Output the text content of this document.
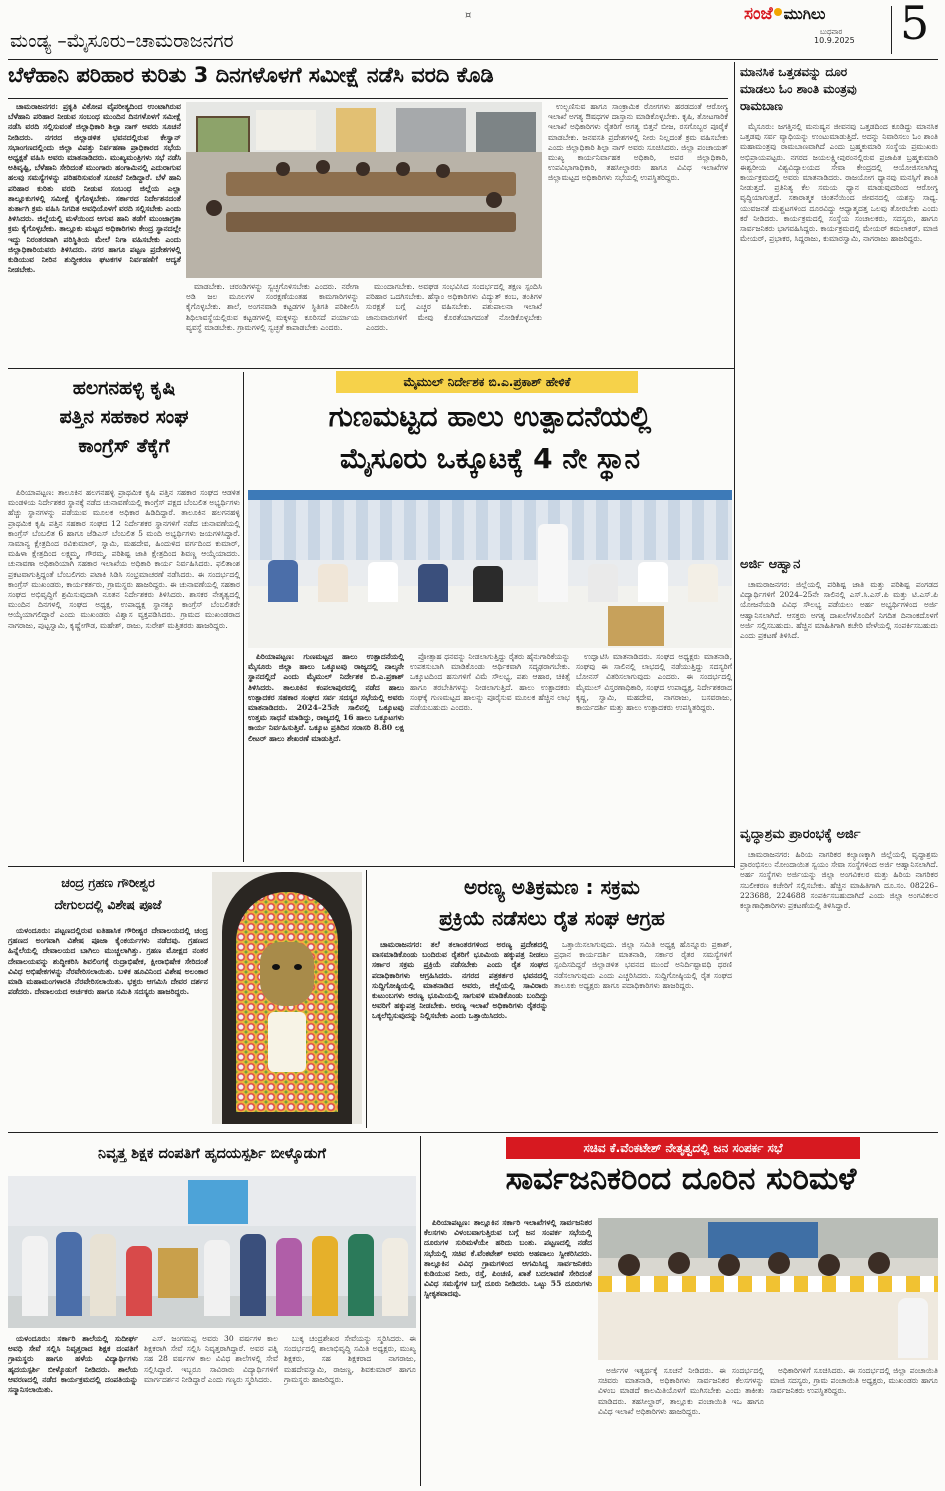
¤	ಸಂಜೆ ಮುಗಿಲು
ಬುಧವಾರ
10.9.2025 5
ಮಂಡ್ಯ –ಮೈಸೂರು–ಚಾಮರಾಜನಗರ
ಬೆಳೆಹಾನಿ ಪರಿಹಾರ ಕುರಿತು 3 ದಿನಗಳೊಳಗೆ ಸಮೀಕ್ಷೆ ನಡೆಸಿ ವರದಿ ಕೊಡಿ

ಚಾಮರಾಜನಗರ: ಪ್ರಕೃತಿ ವಿಕೋಪ ವೈಪರೀತ್ಯದಿಂದ ಉಂಟಾಗಿರುವ ಬೆಳೆಹಾನಿ ಪರಿಹಾರ ನೀಡುವ ಸಂಬಂಧ ಮುಂದಿನ ದಿನಗಳೊಳಗೆ ಸಮೀಕ್ಷೆ ನಡೆಸಿ ವರದಿ ಸಲ್ಲಿಸುವಂತೆ ಜಿಲ್ಲಾಧಿಕಾರಿ ಶಿಲ್ಪಾ ನಾಗ್ ಅವರು ಸೂಚನೆ ನೀಡಿದರು. ನಗರದ ಜಿಲ್ಲಾಡಳಿತ ಭವನದಲ್ಲಿರುವ ಕೇಸ್ವಾನ್ ಸಭಾಂಗಣದಲ್ಲಿಂದು ಜಿಲ್ಲಾ ವಿಪತ್ತು ನಿರ್ವಹಣಾ ಪ್ರಾಧಿಕಾರದ ಸಭೆಯ ಅಧ್ಯಕ್ಷತೆ ವಹಿಸಿ ಅವರು ಮಾತನಾಡಿದರು. ಮುಖ್ಯಮಂತ್ರಿಗಳು ಸಭೆ ನಡೆಸಿ ಅತಿವೃಷ್ಟಿ, ಬೆಳೆಹಾನಿ ಸೇರಿದಂತೆ ಮುಂಗಾರು ಹಂಗಾಮಿನಲ್ಲಿ ಎದುರಾಗುವ ಹಲವು ಸಮಸ್ಯೆಗಳನ್ನು ಪರಿಹರಿಸುವಂತೆ ಸೂಚನೆ ನೀಡಿದ್ದಾರೆ. ಬೆಳೆ ಹಾನಿ ಪರಿಹಾರ ಕುರಿತು ವರದಿ ನೀಡುವ ಸಂಬಂಧ ಜಿಲ್ಲೆಯ ಎಲ್ಲಾ ತಾಲ್ಲೂಕುಗಳಲ್ಲಿ ಸಮೀಕ್ಷೆ ಕೈಗೊಳ್ಳಬೇಕು. ಸರ್ಕಾರದ ನಿರ್ದೇಶನದಂತೆ ತುರ್ತಾಗಿ ಕ್ರಮ ವಹಿಸಿ ನಿಗದಿತ ಅವಧಿಯೊಳಗೆ ವರದಿ ಸಲ್ಲಿಸಬೇಕು ಎಂದು ತಿಳಿಸಿದರು. ಜಿಲ್ಲೆಯಲ್ಲಿ ಮಳೆಯಿಂದ ಆಗುವ ಹಾನಿ ತಡೆಗೆ ಮುಂಜಾಗ್ರತಾ ಕ್ರಮ ಕೈಗೊಳ್ಳಬೇಕು. ತಾಲ್ಲೂಕು ಮಟ್ಟದ ಅಧಿಕಾರಿಗಳು ಕೇಂದ್ರ ಸ್ಥಾನದಲ್ಲೇ ಇದ್ದು ನಿರಂತರವಾಗಿ ಪರಿಸ್ಥಿತಿಯ ಮೇಲೆ ನಿಗಾ ವಹಿಸಬೇಕು ಎಂದು ಜಿಲ್ಲಾಧಿಕಾರಿಯವರು ತಿಳಿಸಿದರು. ನಗರ ಹಾಗೂ ಪಟ್ಟಣ ಪ್ರದೇಶಗಳಲ್ಲಿ ಕುಡಿಯುವ ನೀರಿನ ಶುದ್ಧೀಕರಣ ಘಟಕಗಳ ನಿರ್ವಹಣೆಗೆ ಆದ್ಯತೆ ನೀಡಬೇಕು.

ಮಾಡಬೇಕು. ಚರಂಡಿಗಳನ್ನು ಸ್ವಚ್ಛಗೊಳಿಸಬೇಕು ಎಂದರು. ನರೇಗಾ ಅಡಿ ಜಲ ಮೂಲಗಳ ಸಂರಕ್ಷಣೆಯಂತಹ ಕಾಮಗಾರಿಗಳನ್ನು ಕೈಗೊಳ್ಳಬೇಕು. ಶಾಲೆ, ಅಂಗನವಾಡಿ ಕಟ್ಟಡಗಳ ಸ್ಥಿತಿಗತಿ ಪರಿಶೀಲಿಸಿ ಶಿಥಿಲಾವಸ್ಥೆಯಲ್ಲಿರುವ ಕಟ್ಟಡಗಳಲ್ಲಿ ಮಕ್ಕಳನ್ನು ಕೂರಿಸದೆ ಪರ್ಯಾಯ ವ್ಯವಸ್ಥೆ ಮಾಡಬೇಕು. ಗ್ರಾಮಗಳಲ್ಲಿ ಸ್ವಚ್ಛತೆ ಕಾಪಾಡಬೇಕು ಎಂದರು.

ಮುಂದಾಗಬೇಕು. ಅವಘಡ ಸಂಭವಿಸಿದ ಸಂದರ್ಭದಲ್ಲಿ ತಕ್ಷಣ ಸ್ಪಂದಿಸಿ ಪರಿಹಾರ ಒದಗಿಸಬೇಕು. ಹೆಸ್ಕಾಂ ಅಧಿಕಾರಿಗಳು ವಿದ್ಯುತ್ ಕಂಬ, ತಂತಿಗಳ ಸುರಕ್ಷತೆ ಬಗ್ಗೆ ಎಚ್ಚರ ವಹಿಸಬೇಕು. ಪಶುಪಾಲನಾ ಇಲಾಖೆ ಜಾನುವಾರುಗಳಿಗೆ ಮೇವು ಕೊರತೆಯಾಗದಂತೆ ನೋಡಿಕೊಳ್ಳಬೇಕು ಎಂದರು.

ಉಲ್ಬಣಿಸುವ ಹಾಗೂ ಸಾಂಕ್ರಾಮಿಕ ರೋಗಗಳು ಹರಡದಂತೆ ಆರೋಗ್ಯ ಇಲಾಖೆ ಅಗತ್ಯ ಔಷಧಗಳ ದಾಸ್ತಾನು ಮಾಡಿಕೊಳ್ಳಬೇಕು. ಕೃಷಿ, ತೋಟಗಾರಿಕೆ ಇಲಾಖೆ ಅಧಿಕಾರಿಗಳು ರೈತರಿಗೆ ಅಗತ್ಯ ಬಿತ್ತನೆ ಬೀಜ, ರಸಗೊಬ್ಬರ ಪೂರೈಕೆ ಮಾಡಬೇಕು. ಜನವಸತಿ ಪ್ರದೇಶಗಳಲ್ಲಿ ನೀರು ನಿಲ್ಲದಂತೆ ಕ್ರಮ ವಹಿಸಬೇಕು ಎಂದು ಜಿಲ್ಲಾಧಿಕಾರಿ ಶಿಲ್ಪಾ ನಾಗ್ ಅವರು ಸೂಚಿಸಿದರು. ಜಿಲ್ಲಾ ಪಂಚಾಯತ್ ಮುಖ್ಯ ಕಾರ್ಯನಿರ್ವಾಹಕ ಅಧಿಕಾರಿ, ಅಪರ ಜಿಲ್ಲಾಧಿಕಾರಿ, ಉಪವಿಭಾಗಾಧಿಕಾರಿ, ತಹಸೀಲ್ದಾರರು ಹಾಗೂ ವಿವಿಧ ಇಲಾಖೆಗಳ ಜಿಲ್ಲಾಮಟ್ಟದ ಅಧಿಕಾರಿಗಳು ಸಭೆಯಲ್ಲಿ ಉಪಸ್ಥಿತರಿದ್ದರು.

ಮಾನಸಿಕ ಒತ್ತಡವನ್ನು ದೂರ
ಮಾಡಲು ಓಂ ಶಾಂತಿ ಮಂತ್ರವು
ರಾಮಬಾಣ

ಮೈಸೂರು: ಜಗತ್ತಿನಲ್ಲಿ ಮನುಷ್ಯನ ಜೀವನವು ಒತ್ತಡದಿಂದ ಕೂಡಿದ್ದು ಮಾನಸಿಕ ಒತ್ತಡವು ಸರ್ವ ವ್ಯಾಧಿಯನ್ನು ಉಂಟುಮಾಡುತ್ತಿದೆ. ಅದನ್ನು ನಿವಾರಿಸಲು ಓಂ ಶಾಂತಿ ಮಹಾಮಂತ್ರವು ರಾಮಬಾಣವಾಗಿದೆ ಎಂದು ಬ್ರಹ್ಮಕುಮಾರಿ ಸಂಸ್ಥೆಯ ಪ್ರಮುಖರು ಅಭಿಪ್ರಾಯಪಟ್ಟರು. ನಗರದ ಜಯಲಕ್ಷ್ಮೀಪುರಂನಲ್ಲಿರುವ ಪ್ರಜಾಪಿತ ಬ್ರಹ್ಮಕುಮಾರಿ ಈಶ್ವರೀಯ ವಿಶ್ವವಿದ್ಯಾಲಯದ ಸೇವಾ ಕೇಂದ್ರದಲ್ಲಿ ಆಯೋಜಿಸಲಾಗಿದ್ದ ಕಾರ್ಯಕ್ರಮದಲ್ಲಿ ಅವರು ಮಾತನಾಡಿದರು. ರಾಜಯೋಗ ಧ್ಯಾನವು ಮನಸ್ಸಿಗೆ ಶಾಂತಿ ನೀಡುತ್ತದೆ. ಪ್ರತಿನಿತ್ಯ ಕೆಲ ಸಮಯ ಧ್ಯಾನ ಮಾಡುವುದರಿಂದ ಆರೋಗ್ಯ ವೃದ್ಧಿಯಾಗುತ್ತದೆ. ಸಕಾರಾತ್ಮಕ ಚಿಂತನೆಯಿಂದ ಜೀವನದಲ್ಲಿ ಯಶಸ್ಸು ಸಾಧ್ಯ. ಯುವಜನತೆ ದುಶ್ಚಟಗಳಿಂದ ದೂರವಿದ್ದು ಆಧ್ಯಾತ್ಮದತ್ತ ಒಲವು ತೋರಬೇಕು ಎಂದು ಕರೆ ನೀಡಿದರು. ಕಾರ್ಯಕ್ರಮದಲ್ಲಿ ಸಂಸ್ಥೆಯ ಸಂಚಾಲಕರು, ಸದಸ್ಯರು, ಹಾಗೂ ಸಾರ್ವಜನಿಕರು ಭಾಗವಹಿಸಿದ್ದರು. ಕಾರ್ಯಕ್ರಮದಲ್ಲಿ ಮೇಯರ್ ಕಮಲಾಕರ್, ಮಾಜಿ ಮೇಯರ್, ಪ್ರಭಾಕರ, ಸಿದ್ದರಾಜು, ಕುಮಾರಸ್ವಾಮಿ, ನಾಗರಾಜು ಹಾಜರಿದ್ದರು.

ಅರ್ಜಿ ಆಹ್ವಾನ

ಚಾಮರಾಜನಗರ: ಜಿಲ್ಲೆಯಲ್ಲಿ ಪರಿಶಿಷ್ಟ ಜಾತಿ ಮತ್ತು ಪರಿಶಿಷ್ಟ ಪಂಗಡದ ವಿದ್ಯಾರ್ಥಿಗಳಿಗೆ 2024–25ನೇ ಸಾಲಿನಲ್ಲಿ ಎಸ್.ಸಿ.ಎಸ್.ಪಿ ಮತ್ತು ಟಿ.ಎಸ್.ಪಿ ಯೋಜನೆಯಡಿ ವಿವಿಧ ಸೌಲಭ್ಯ ಪಡೆಯಲು ಅರ್ಹ ಅಭ್ಯರ್ಥಿಗಳಿಂದ ಅರ್ಜಿ ಆಹ್ವಾನಿಸಲಾಗಿದೆ. ಆಸಕ್ತರು ಅಗತ್ಯ ದಾಖಲೆಗಳೊಂದಿಗೆ ನಿಗದಿತ ದಿನಾಂಕದೊಳಗೆ ಅರ್ಜಿ ಸಲ್ಲಿಸಬಹುದು. ಹೆಚ್ಚಿನ ಮಾಹಿತಿಗಾಗಿ ಕಚೇರಿ ವೇಳೆಯಲ್ಲಿ ಸಂಪರ್ಕಿಸಬಹುದು ಎಂದು ಪ್ರಕಟಣೆ ತಿಳಿಸಿದೆ.

ವೃದ್ಧಾಶ್ರಮ ಪ್ರಾರಂಭಕ್ಕೆ ಅರ್ಜಿ

ಚಾಮರಾಜನಗರ: ಹಿರಿಯ ನಾಗರಿಕರ ಕಲ್ಯಾಣಕ್ಕಾಗಿ ಜಿಲ್ಲೆಯಲ್ಲಿ ವೃದ್ಧಾಶ್ರಮ ಪ್ರಾರಂಭಿಸಲು ನೋಂದಾಯಿತ ಸ್ವಯಂ ಸೇವಾ ಸಂಸ್ಥೆಗಳಿಂದ ಅರ್ಜಿ ಆಹ್ವಾನಿಸಲಾಗಿದೆ. ಅರ್ಹ ಸಂಸ್ಥೆಗಳು ಅರ್ಜಿಯನ್ನು ಜಿಲ್ಲಾ ಅಂಗವಿಕಲರ ಮತ್ತು ಹಿರಿಯ ನಾಗರಿಕರ ಸಬಲೀಕರಣ ಕಚೇರಿಗೆ ಸಲ್ಲಿಸಬೇಕು. ಹೆಚ್ಚಿನ ಮಾಹಿತಿಗಾಗಿ ದೂ.ಸಂ. 08226–223688, 224688 ಸಂಪರ್ಕಿಸಬಹುದಾಗಿದೆ ಎಂದು ಜಿಲ್ಲಾ ಅಂಗವಿಕಲರ ಕಲ್ಯಾಣಾಧಿಕಾರಿಗಳು ಪ್ರಕಟಣೆಯಲ್ಲಿ ತಿಳಿಸಿದ್ದಾರೆ.

ಹಲಗನಹಳ್ಳಿ ಕೃಷಿ
ಪತ್ತಿನ ಸಹಕಾರ ಸಂಘ
ಕಾಂಗ್ರೆಸ್ ತೆಕ್ಕೆಗೆ

ಪಿರಿಯಾಪಟ್ಟಣ: ತಾಲೂಕಿನ ಹಲಗನಹಳ್ಳಿ ಪ್ರಾಥಮಿಕ ಕೃಷಿ ಪತ್ತಿನ ಸಹಕಾರ ಸಂಘದ ಆಡಳಿತ ಮಂಡಳಿಯ ನಿರ್ದೇಶಕರ ಸ್ಥಾನಕ್ಕೆ ನಡೆದ ಚುನಾವಣೆಯಲ್ಲಿ ಕಾಂಗ್ರೆಸ್ ಪಕ್ಷದ ಬೆಂಬಲಿತ ಅಭ್ಯರ್ಥಿಗಳು ಹೆಚ್ಚು ಸ್ಥಾನಗಳನ್ನು ಪಡೆಯುವ ಮೂಲಕ ಅಧಿಕಾರ ಹಿಡಿದಿದ್ದಾರೆ. ತಾಲೂಕಿನ ಹಲಗನಹಳ್ಳಿ ಪ್ರಾಥಮಿಕ ಕೃಷಿ ಪತ್ತಿನ ಸಹಕಾರ ಸಂಘದ 12 ನಿರ್ದೇಶಕರ ಸ್ಥಾನಗಳಿಗೆ ನಡೆದ ಚುನಾವಣೆಯಲ್ಲಿ ಕಾಂಗ್ರೆಸ್ ಬೆಂಬಲಿತ 6 ಹಾಗೂ ಜೆಡಿಎಸ್ ಬೆಂಬಲಿತ 5 ಮಂದಿ ಅಭ್ಯರ್ಥಿಗಳು ಜಯಗಳಿಸಿದ್ದಾರೆ. ಸಾಮಾನ್ಯ ಕ್ಷೇತ್ರದಿಂದ ರವಿಕುಮಾರ್, ಸ್ವಾಮಿ, ಮಹದೇವ, ಹಿಂದುಳಿದ ವರ್ಗದಿಂದ ಕುಮಾರ್, ಮಹಿಳಾ ಕ್ಷೇತ್ರದಿಂದ ಲಕ್ಷ್ಮಮ್ಮ, ಗೌರಮ್ಮ, ಪರಿಶಿಷ್ಟ ಜಾತಿ ಕ್ಷೇತ್ರದಿಂದ ಶಿವಣ್ಣ ಆಯ್ಕೆಯಾದರು. ಚುನಾವಣಾ ಅಧಿಕಾರಿಯಾಗಿ ಸಹಕಾರ ಇಲಾಖೆಯ ಅಧಿಕಾರಿ ಕಾರ್ಯ ನಿರ್ವಹಿಸಿದರು. ಫಲಿತಾಂಶ ಪ್ರಕಟವಾಗುತ್ತಿದ್ದಂತೆ ಬೆಂಬಲಿಗರು ಪಟಾಕಿ ಸಿಡಿಸಿ ಸಂಭ್ರಮಾಚರಣೆ ನಡೆಸಿದರು. ಈ ಸಂದರ್ಭದಲ್ಲಿ ಕಾಂಗ್ರೆಸ್ ಮುಖಂಡರು, ಕಾರ್ಯಕರ್ತರು, ಗ್ರಾಮಸ್ಥರು ಹಾಜರಿದ್ದರು. ಈ ಚುನಾವಣೆಯಲ್ಲಿ ಸಹಕಾರ ಸಂಘದ ಅಭಿವೃದ್ಧಿಗೆ ಶ್ರಮಿಸುವುದಾಗಿ ನೂತನ ನಿರ್ದೇಶಕರು ತಿಳಿಸಿದರು. ಶಾಸಕರ ನೇತೃತ್ವದಲ್ಲಿ ಮುಂದಿನ ದಿನಗಳಲ್ಲಿ ಸಂಘದ ಅಧ್ಯಕ್ಷ, ಉಪಾಧ್ಯಕ್ಷ ಸ್ಥಾನಕ್ಕೂ ಕಾಂಗ್ರೆಸ್ ಬೆಂಬಲಿತರೇ ಆಯ್ಕೆಯಾಗಲಿದ್ದಾರೆ ಎಂದು ಮುಖಂಡರು ವಿಶ್ವಾಸ ವ್ಯಕ್ತಪಡಿಸಿದರು. ಗ್ರಾಮದ ಮುಖಂಡರಾದ ನಾಗರಾಜು, ಪುಟ್ಟಸ್ವಾಮಿ, ಕೃಷ್ಣೇಗೌಡ, ಮಹೇಶ್, ರಾಜು, ಸುರೇಶ್ ಮತ್ತಿತರರು ಹಾಜರಿದ್ದರು.

ಮೈಮುಲ್ ನಿರ್ದೇಶಕ ಬಿ.ಎ.ಪ್ರಕಾಶ್ ಹೇಳಿಕೆ
ಗುಣಮಟ್ಟದ ಹಾಲು ಉತ್ಪಾದನೆಯಲ್ಲಿ
ಮೈಸೂರು ಒಕ್ಕೂಟಕ್ಕೆ 4 ನೇ ಸ್ಥಾನ

ಪಿರಿಯಾಪಟ್ಟಣ: ಗುಣಮಟ್ಟದ ಹಾಲು ಉತ್ಪಾದನೆಯಲ್ಲಿ ಮೈಸೂರು ಜಿಲ್ಲಾ ಹಾಲು ಒಕ್ಕೂಟವು ರಾಜ್ಯದಲ್ಲಿ ನಾಲ್ಕನೇ ಸ್ಥಾನದಲ್ಲಿದೆ ಎಂದು ಮೈಮುಲ್ ನಿರ್ದೇಶಕ ಬಿ.ಎ.ಪ್ರಕಾಶ್ ತಿಳಿಸಿದರು. ತಾಲೂಕಿನ ಕಂಪಲಾಪುರದಲ್ಲಿ ನಡೆದ ಹಾಲು ಉತ್ಪಾದಕರ ಸಹಕಾರ ಸಂಘದ ಸರ್ವ ಸದಸ್ಯರ ಸಭೆಯಲ್ಲಿ ಅವರು ಮಾತನಾಡಿದರು. 2024–25ನೇ ಸಾಲಿನಲ್ಲಿ ಒಕ್ಕೂಟವು ಉತ್ತಮ ಸಾಧನೆ ಮಾಡಿದ್ದು, ರಾಜ್ಯದಲ್ಲಿ 16 ಹಾಲು ಒಕ್ಕೂಟಗಳು ಕಾರ್ಯ ನಿರ್ವಹಿಸುತ್ತಿವೆ. ಒಕ್ಕೂಟ ಪ್ರತಿದಿನ ಸರಾಸರಿ 8.80 ಲಕ್ಷ ಲೀಟರ್ ಹಾಲು ಶೇಖರಣೆ ಮಾಡುತ್ತಿದೆ.

ಪ್ರೋತ್ಸಾಹ ಧನವನ್ನು ನೀಡಲಾಗುತ್ತಿದ್ದು ರೈತರು ಹೈನುಗಾರಿಕೆಯನ್ನು ಉಪಕಸುಬಾಗಿ ಮಾಡಿಕೊಂಡು ಆರ್ಥಿಕವಾಗಿ ಸದೃಢರಾಗಬೇಕು. ಒಕ್ಕೂಟದಿಂದ ಹಸುಗಳಿಗೆ ವಿಮೆ ಸೌಲಭ್ಯ, ಪಶು ಆಹಾರ, ಚಿಕಿತ್ಸೆ ಹಾಗೂ ತರಬೇತಿಗಳನ್ನು ನೀಡಲಾಗುತ್ತಿದೆ. ಹಾಲು ಉತ್ಪಾದಕರು ಸಂಘಕ್ಕೆ ಗುಣಮಟ್ಟದ ಹಾಲನ್ನು ಪೂರೈಸುವ ಮೂಲಕ ಹೆಚ್ಚಿನ ಲಾಭ ಪಡೆಯಬಹುದು ಎಂದರು.

ಉದ್ಘಾಟಿಸಿ ಮಾತನಾಡಿದರು. ಸಂಘದ ಅಧ್ಯಕ್ಷರು ಮಾತನಾಡಿ, ಸಂಘವು ಈ ಸಾಲಿನಲ್ಲಿ ಲಾಭದಲ್ಲಿ ನಡೆಯುತ್ತಿದ್ದು ಸದಸ್ಯರಿಗೆ ಬೋನಸ್ ವಿತರಿಸಲಾಗುವುದು ಎಂದರು. ಈ ಸಂದರ್ಭದಲ್ಲಿ ಮೈಮುಲ್ ವಿಸ್ತರಣಾಧಿಕಾರಿ, ಸಂಘದ ಉಪಾಧ್ಯಕ್ಷ, ನಿರ್ದೇಶಕರಾದ ಕೃಷ್ಣ, ಸ್ವಾಮಿ, ಮಹದೇವ, ನಾಗರಾಜು, ಬಸವರಾಜು, ಕಾರ್ಯದರ್ಶಿ ಮತ್ತು ಹಾಲು ಉತ್ಪಾದಕರು ಉಪಸ್ಥಿತರಿದ್ದರು.

ಚಂದ್ರ ಗ್ರಹಣ ಗೌರೀಶ್ವರ
ದೇಗುಲದಲ್ಲಿ ವಿಶೇಷ ಪೂಜೆ

ಯಳಂದೂರು: ಪಟ್ಟಣದಲ್ಲಿರುವ ಐತಿಹಾಸಿಕ ಗೌರೀಶ್ವರ ದೇವಾಲಯದಲ್ಲಿ ಚಂದ್ರ ಗ್ರಹಣದ ಅಂಗವಾಗಿ ವಿಶೇಷ ಪೂಜಾ ಕೈಂಕರ್ಯಗಳು ನಡೆದವು. ಗ್ರಹಣದ ಹಿನ್ನೆಲೆಯಲ್ಲಿ ದೇವಾಲಯದ ಬಾಗಿಲು ಮುಚ್ಚಲಾಗಿತ್ತು. ಗ್ರಹಣ ಮೋಕ್ಷದ ನಂತರ ದೇವಾಲಯವನ್ನು ಶುದ್ಧೀಕರಿಸಿ ಶಿವಲಿಂಗಕ್ಕೆ ರುದ್ರಾಭಿಷೇಕ, ಕ್ಷೀರಾಭಿಷೇಕ ಸೇರಿದಂತೆ ವಿವಿಧ ಅಭಿಷೇಕಗಳನ್ನು ನೆರವೇರಿಸಲಾಯಿತು. ಬಳಿಕ ಹೂವಿನಿಂದ ವಿಶೇಷ ಅಲಂಕಾರ ಮಾಡಿ ಮಹಾಮಂಗಳಾರತಿ ನೆರವೇರಿಸಲಾಯಿತು. ಭಕ್ತರು ಆಗಮಿಸಿ ದೇವರ ದರ್ಶನ ಪಡೆದರು. ದೇವಾಲಯದ ಅರ್ಚಕರು ಹಾಗೂ ಸಮಿತಿ ಸದಸ್ಯರು ಹಾಜರಿದ್ದರು.

ಅರಣ್ಯ ಅತಿಕ್ರಮಣ : ಸಕ್ರಮ
ಪ್ರಕ್ರಿಯೆ ನಡೆಸಲು ರೈತ ಸಂಘ ಆಗ್ರಹ

ಚಾಮರಾಜನಗರ: ತಲೆ ತಲಾಂತರಗಳಿಂದ ಅರಣ್ಯ ಪ್ರದೇಶದಲ್ಲಿ ವಾಸಮಾಡಿಕೊಂಡು ಬಂದಿರುವ ರೈತರಿಗೆ ಭೂಮಿಯ ಹಕ್ಕುಪತ್ರ ನೀಡಲು ಸರ್ಕಾರ ಸಕ್ರಮ ಪ್ರಕ್ರಿಯೆ ನಡೆಸಬೇಕು ಎಂದು ರೈತ ಸಂಘದ ಪದಾಧಿಕಾರಿಗಳು ಆಗ್ರಹಿಸಿದರು. ನಗರದ ಪತ್ರಕರ್ತರ ಭವನದಲ್ಲಿ ಸುದ್ದಿಗೋಷ್ಠಿಯಲ್ಲಿ ಮಾತನಾಡಿದ ಅವರು, ಜಿಲ್ಲೆಯಲ್ಲಿ ಸಾವಿರಾರು ಕುಟುಂಬಗಳು ಅರಣ್ಯ ಭೂಮಿಯಲ್ಲಿ ಸಾಗುವಳಿ ಮಾಡಿಕೊಂಡು ಬಂದಿದ್ದು ಅವರಿಗೆ ಹಕ್ಕುಪತ್ರ ನೀಡಬೇಕು. ಅರಣ್ಯ ಇಲಾಖೆ ಅಧಿಕಾರಿಗಳು ರೈತರನ್ನು ಒಕ್ಕಲೆಬ್ಬಿಸುವುದನ್ನು ನಿಲ್ಲಿಸಬೇಕು ಎಂದು ಒತ್ತಾಯಿಸಿದರು.

ಒತ್ತಾಯಿಸಲಾಗುವುದು. ಜಿಲ್ಲಾ ಸಮಿತಿ ಅಧ್ಯಕ್ಷ ಹೊನ್ನೂರು ಪ್ರಕಾಶ್, ಪ್ರಧಾನ ಕಾರ್ಯದರ್ಶಿ ಮಾತನಾಡಿ, ಸರ್ಕಾರ ರೈತರ ಸಮಸ್ಯೆಗಳಿಗೆ ಸ್ಪಂದಿಸದಿದ್ದರೆ ಜಿಲ್ಲಾಡಳಿತ ಭವನದ ಮುಂದೆ ಅನಿರ್ದಿಷ್ಟಾವಧಿ ಧರಣಿ ನಡೆಸಲಾಗುವುದು ಎಂದು ಎಚ್ಚರಿಸಿದರು. ಸುದ್ದಿಗೋಷ್ಠಿಯಲ್ಲಿ ರೈತ ಸಂಘದ ತಾಲೂಕು ಅಧ್ಯಕ್ಷರು ಹಾಗೂ ಪದಾಧಿಕಾರಿಗಳು ಹಾಜರಿದ್ದರು.

ನಿವೃತ್ತ ಶಿಕ್ಷಕ ದಂಪತಿಗೆ ಹೃದಯಸ್ಪರ್ಶಿ ಬೀಳ್ಕೊಡುಗೆ

ಯಳಂದೂರು: ಸರ್ಕಾರಿ ಶಾಲೆಯಲ್ಲಿ ಸುದೀರ್ಘ ಅವಧಿ ಸೇವೆ ಸಲ್ಲಿಸಿ ನಿವೃತ್ತರಾದ ಶಿಕ್ಷಕ ದಂಪತಿಗೆ ಗ್ರಾಮಸ್ಥರು ಹಾಗೂ ಹಳೆಯ ವಿದ್ಯಾರ್ಥಿಗಳು ಹೃದಯಸ್ಪರ್ಶಿ ಬೀಳ್ಕೊಡುಗೆ ನೀಡಿದರು. ಶಾಲೆಯ ಆವರಣದಲ್ಲಿ ನಡೆದ ಕಾರ್ಯಕ್ರಮದಲ್ಲಿ ದಂಪತಿಯನ್ನು ಸನ್ಮಾನಿಸಲಾಯಿತು.

ಎಸ್. ಜಂಗಮಪ್ಪ ಅವರು 30 ವರ್ಷಗಳ ಕಾಲ ಶಿಕ್ಷಕರಾಗಿ ಸೇವೆ ಸಲ್ಲಿಸಿ ನಿವೃತ್ತರಾಗಿದ್ದಾರೆ. ಅವರ ಪತ್ನಿ ಸಹ 28 ವರ್ಷಗಳ ಕಾಲ ವಿವಿಧ ಶಾಲೆಗಳಲ್ಲಿ ಸೇವೆ ಸಲ್ಲಿಸಿದ್ದಾರೆ. ಇಬ್ಬರೂ ಸಾವಿರಾರು ವಿದ್ಯಾರ್ಥಿಗಳಿಗೆ ಮಾರ್ಗದರ್ಶನ ನೀಡಿದ್ದಾರೆ ಎಂದು ಗಣ್ಯರು ಸ್ಮರಿಸಿದರು.

ಬುಕ್ಕ ಚಂದ್ರಶೇಖರ ಸೇವೆಯನ್ನು ಸ್ಮರಿಸಿದರು. ಈ ಸಂದರ್ಭದಲ್ಲಿ ಶಾಲಾಭಿವೃದ್ಧಿ ಸಮಿತಿ ಅಧ್ಯಕ್ಷರು, ಮುಖ್ಯ ಶಿಕ್ಷಕರು, ಸಹ ಶಿಕ್ಷಕರಾದ ನಾಗರಾಜು, ಮಹದೇವಸ್ವಾಮಿ, ರಾಜಣ್ಣ, ಶಿವಕುಮಾರ್ ಹಾಗೂ ಗ್ರಾಮಸ್ಥರು ಹಾಜರಿದ್ದರು.

ಸಚಿವ ಕೆ.ವೆಂಕಟೇಶ್ ನೇತೃತ್ವದಲ್ಲಿ ಜನ ಸಂಪರ್ಕ ಸಭೆ
ಸಾರ್ವಜನಿಕರಿಂದ ದೂರಿನ ಸುರಿಮಳೆ

ಪಿರಿಯಾಪಟ್ಟಣ: ತಾಲ್ಲೂಕಿನ ಸರ್ಕಾರಿ ಇಲಾಖೆಗಳಲ್ಲಿ ಸಾರ್ವಜನಿಕರ ಕೆಲಸಗಳು ವಿಳಂಬವಾಗುತ್ತಿರುವ ಬಗ್ಗೆ ಜನ ಸಂಪರ್ಕ ಸಭೆಯಲ್ಲಿ ದೂರುಗಳ ಸುರಿಮಳೆಯೇ ಹರಿದು ಬಂತು. ಪಟ್ಟಣದಲ್ಲಿ ನಡೆದ ಸಭೆಯಲ್ಲಿ ಸಚಿವ ಕೆ.ವೆಂಕಟೇಶ್ ಅವರು ಅಹವಾಲು ಸ್ವೀಕರಿಸಿದರು. ತಾಲ್ಲೂಕಿನ ವಿವಿಧ ಗ್ರಾಮಗಳಿಂದ ಆಗಮಿಸಿದ್ದ ಸಾರ್ವಜನಿಕರು ಕುಡಿಯುವ ನೀರು, ರಸ್ತೆ, ಪಿಂಚಣಿ, ಖಾತೆ ಬದಲಾವಣೆ ಸೇರಿದಂತೆ ವಿವಿಧ ಸಮಸ್ಯೆಗಳ ಬಗ್ಗೆ ದೂರು ನೀಡಿದರು. ಒಟ್ಟು 55 ದೂರುಗಳು ಸ್ವೀಕೃತವಾದವು.

ಅರ್ಜಿಗಳ ಇತ್ಯರ್ಥಕ್ಕೆ ಸೂಚನೆ ನೀಡಿದರು. ಈ ಸಂದರ್ಭದಲ್ಲಿ ಸಚಿವರು ಮಾತನಾಡಿ, ಅಧಿಕಾರಿಗಳು ಸಾರ್ವಜನಿಕರ ಕೆಲಸಗಳನ್ನು ವಿಳಂಬ ಮಾಡದೆ ಕಾಲಮಿತಿಯೊಳಗೆ ಮುಗಿಸಬೇಕು ಎಂದು ತಾಕೀತು ಮಾಡಿದರು. ತಹಸೀಲ್ದಾರ್, ತಾಲ್ಲೂಕು ಪಂಚಾಯಿತಿ ಇಒ ಹಾಗೂ ವಿವಿಧ ಇಲಾಖೆ ಅಧಿಕಾರಿಗಳು ಹಾಜರಿದ್ದರು.

ಅಧಿಕಾರಿಗಳಿಗೆ ಸೂಚಿಸಿದರು. ಈ ಸಂದರ್ಭದಲ್ಲಿ ಜಿಲ್ಲಾ ಪಂಚಾಯಿತಿ ಮಾಜಿ ಸದಸ್ಯರು, ಗ್ರಾಮ ಪಂಚಾಯಿತಿ ಅಧ್ಯಕ್ಷರು, ಮುಖಂಡರು ಹಾಗೂ ಸಾರ್ವಜನಿಕರು ಉಪಸ್ಥಿತರಿದ್ದರು.
